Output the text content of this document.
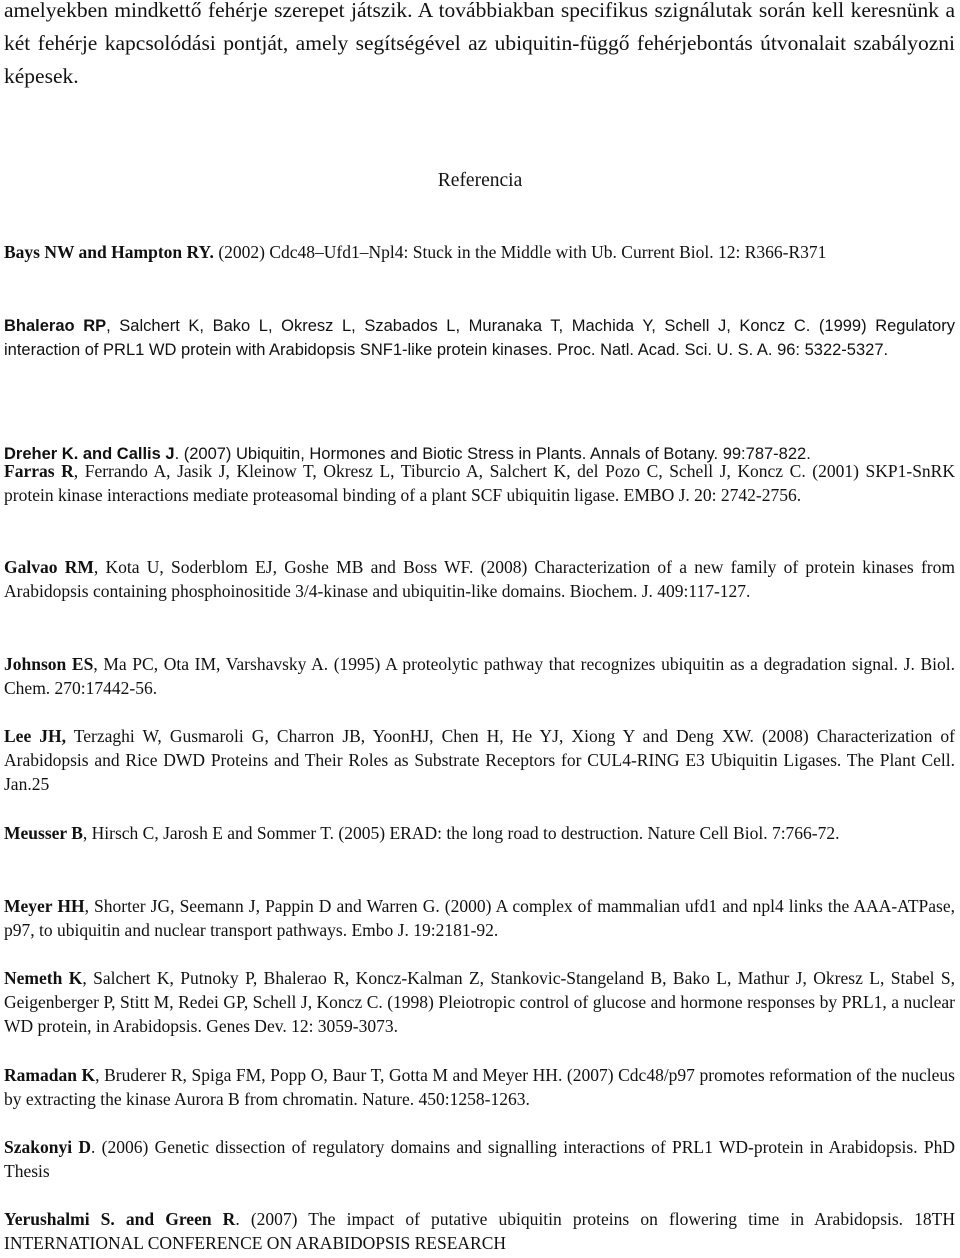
amelyekben mindkettő fehérje szerepet játszik. A továbbiakban specifikus szignálutak során kell keresnünk a két fehérje kapcsolódási pontját, amely segítségével az ubiquitin-függő fehérjebontás útvonalait szabályozni képesek.

Referencia

Bays NW and Hampton RY. (2002) Cdc48–Ufd1–Npl4: Stuck in the Middle with Ub. Current Biol. 12: R366-R371

Bhalerao RP, Salchert K, Bako L, Okresz L, Szabados L, Muranaka T, Machida Y, Schell J, Koncz C. (1999) Regulatory interaction of PRL1 WD protein with Arabidopsis SNF1-like protein kinases. Proc. Natl. Acad. Sci. U. S. A. 96: 5322-5327.

Dreher K. and Callis J. (2007) Ubiquitin, Hormones and Biotic Stress in Plants. Annals of Botany. 99:787-822.

Farras R, Ferrando A, Jasik J, Kleinow T, Okresz L, Tiburcio A, Salchert K, del Pozo C, Schell J, Koncz C. (2001) SKP1-SnRK protein kinase interactions mediate proteasomal binding of a plant SCF ubiquitin ligase. EMBO J. 20: 2742-2756.

Galvao RM, Kota U, Soderblom EJ, Goshe MB and Boss WF. (2008) Characterization of a new family of protein kinases from Arabidopsis containing phosphoinositide 3/4-kinase and ubiquitin-like domains. Biochem. J. 409:117-127.

Johnson ES, Ma PC, Ota IM, Varshavsky A. (1995) A proteolytic pathway that recognizes ubiquitin as a degradation signal. J. Biol. Chem. 270:17442-56.

Lee JH, Terzaghi W, Gusmaroli G, Charron JB, YoonHJ, Chen H, He YJ, Xiong Y and Deng XW. (2008) Characterization of Arabidopsis and Rice DWD Proteins and Their Roles as Substrate Receptors for CUL4-RING E3 Ubiquitin Ligases. The Plant Cell. Jan.25

Meusser B, Hirsch C, Jarosh E and Sommer T. (2005) ERAD: the long road to destruction. Nature Cell Biol. 7:766-72.

Meyer HH, Shorter JG, Seemann J, Pappin D and Warren G. (2000) A complex of mammalian ufd1 and npl4 links the AAA-ATPase, p97, to ubiquitin and nuclear transport pathways. Embo J. 19:2181-92.

Nemeth K, Salchert K, Putnoky P, Bhalerao R, Koncz-Kalman Z, Stankovic-Stangeland B, Bako L, Mathur J, Okresz L, Stabel S, Geigenberger P, Stitt M, Redei GP, Schell J, Koncz C. (1998) Pleiotropic control of glucose and hormone responses by PRL1, a nuclear WD protein, in Arabidopsis. Genes Dev. 12: 3059-3073.

Ramadan K, Bruderer R, Spiga FM, Popp O, Baur T, Gotta M and Meyer HH. (2007) Cdc48/p97 promotes reformation of the nucleus by extracting the kinase Aurora B from chromatin. Nature. 450:1258-1263.

Szakonyi D. (2006) Genetic dissection of regulatory domains and signalling interactions of PRL1 WD-protein in Arabidopsis. PhD Thesis

Yerushalmi S. and Green R. (2007) The impact of putative ubiquitin proteins on flowering time in Arabidopsis. 18TH INTERNATIONAL CONFERENCE ON ARABIDOPSIS RESEARCH
